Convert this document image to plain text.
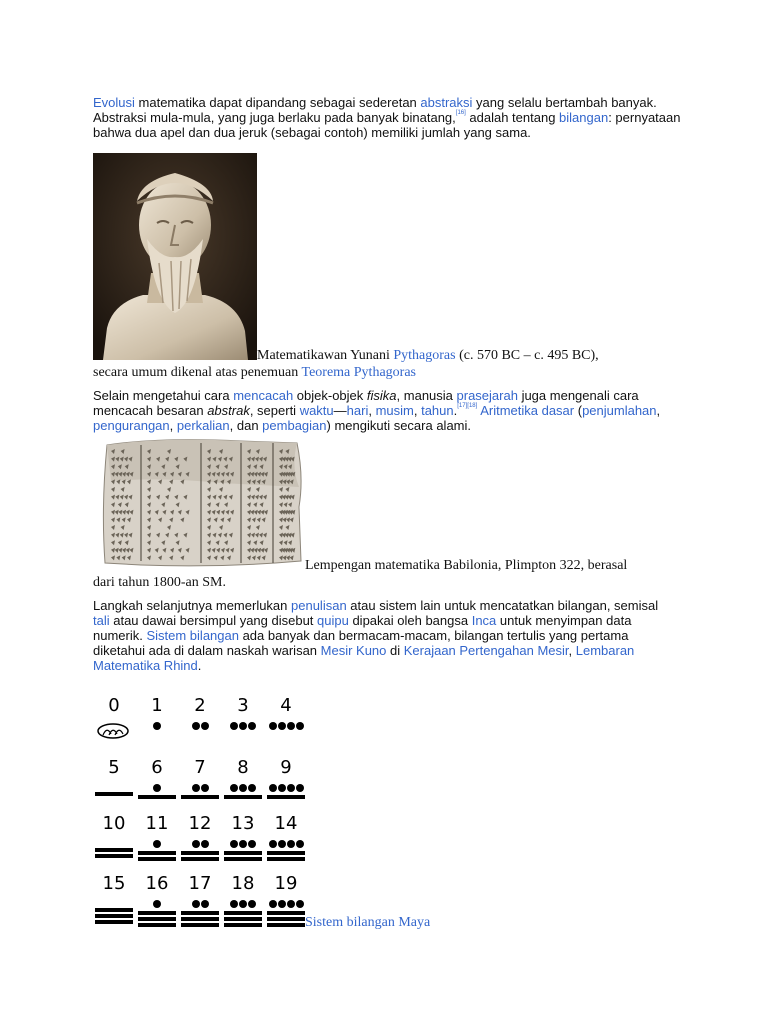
Evolusi matematika dapat dipandang sebagai sederetan abstraksi yang selalu bertambah banyak. Abstraksi mula-mula, yang juga berlaku pada banyak binatang,[16] adalah tentang bilangan: pernyataan bahwa dua apel dan dua jeruk (sebagai contoh) memiliki jumlah yang sama.
Matematikawan Yunani Pythagoras (c. 570 BC – c. 495 BC),
secara umum dikenal atas penemuan Teorema Pythagoras
Selain mengetahui cara mencacah objek-objek fisika, manusia prasejarah juga mengenali cara mencacah besaran abstrak, seperti waktu—hari, musim, tahun.[17][18] Aritmetika dasar (penjumlahan, pengurangan, perkalian, dan pembagian) mengikuti secara alami.
Lempengan matematika Babilonia, Plimpton 322, berasal
dari tahun 1800-an SM.
Langkah selanjutnya memerlukan penulisan atau sistem lain untuk mencatatkan bilangan, semisal tali atau dawai bersimpul yang disebut quipu dipakai oleh bangsa Inca untuk menyimpan data numerik. Sistem bilangan ada banyak dan bermacam-macam, bilangan tertulis yang pertama diketahui ada di dalam naskah warisan Mesir Kuno di Kerajaan Pertengahan Mesir, Lembaran Matematika Rhind.
0	1	2	3	4
5	6	7	8	9
10	11	12	13	14
15	16	17	18	19
Sistem bilangan Maya
